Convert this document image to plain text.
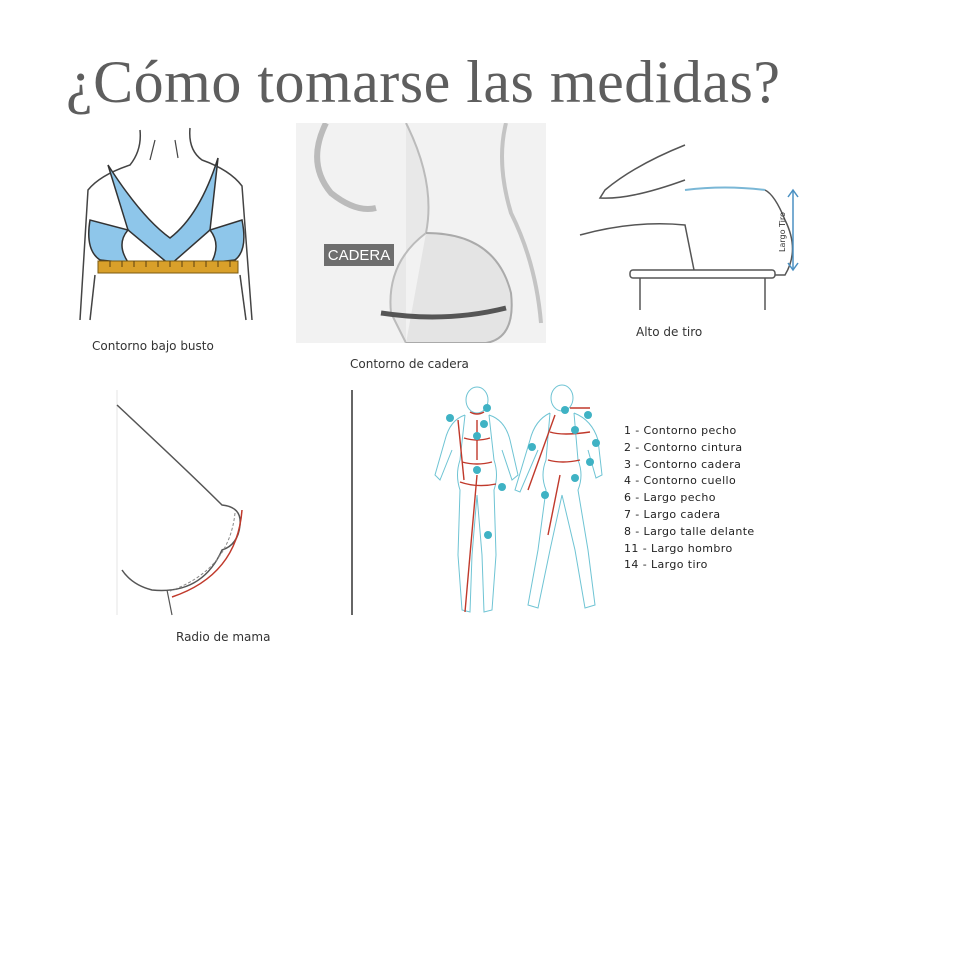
¿Cómo tomarse las medidas?
Contorno bajo busto
CADERA
Contorno de cadera
Largo Tiro
Alto de tiro
Radio de mama
1 - Contorno pecho
2 - Contorno cintura
3 - Contorno cadera
4 - Contorno cuello
6 - Largo pecho
7 - Largo cadera
8 - Largo talle delante
11 - Largo hombro
14 - Largo tiro
